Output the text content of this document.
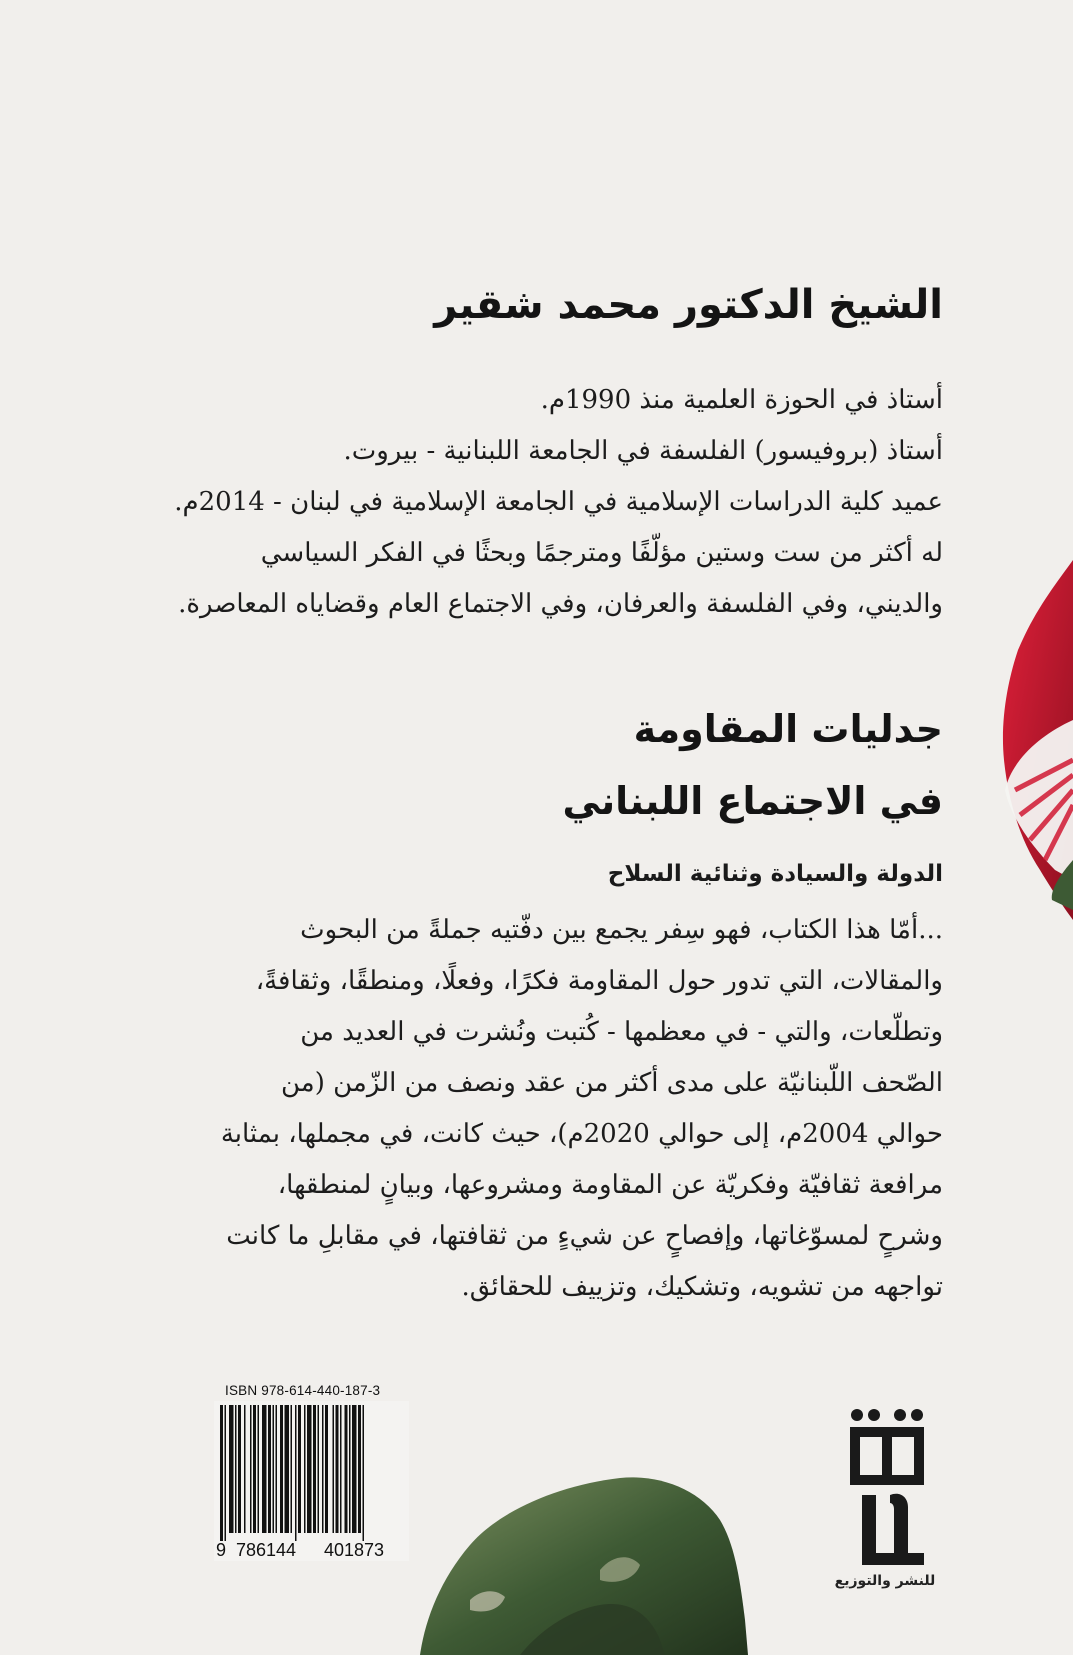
الشيخ الدكتور محمد شقير
أستاذ في الحوزة العلمية منذ 1990م.
أستاذ (بروفيسور) الفلسفة في الجامعة اللبنانية - بيروت.
عميد كلية الدراسات الإسلامية في الجامعة الإسلامية في لبنان - 2014م.
له أكثر من ست وستين مؤلّفًا ومترجمًا وبحثًا في الفكر السياسي
والديني، وفي الفلسفة والعرفان، وفي الاجتماع العام وقضاياه المعاصرة.
جدليات المقاومة
في الاجتماع اللبناني
الدولة والسيادة وثنائية السلاح
...أمّا هذا الكتاب، فهو سِفر يجمع بين دفّتيه جملةً من البحوث
والمقالات، التي تدور حول المقاومة فكرًا، وفعلًا، ومنطقًا، وثقافةً،
وتطلّعات، والتي - في معظمها - كُتبت ونُشرت في العديد من
الصّحف اللّبنانيّة على مدى أكثر من عقد ونصف من الزّمن (من
حوالي 2004م، إلى حوالي 2020م)، حيث كانت، في مجملها، بمثابة
مرافعة ثقافيّة وفكريّة عن المقاومة ومشروعها، وبيانٍ لمنطقها،
وشرحٍ لمسوّغاتها، وإفصاحٍ عن شيءٍ من ثقافتها، في مقابلِ ما كانت
تواجهه من تشويه، وتشكيك، وتزييف للحقائق.
ISBN 978-614-440-187-3
9 786144 401873
للنشر والتوزيع
